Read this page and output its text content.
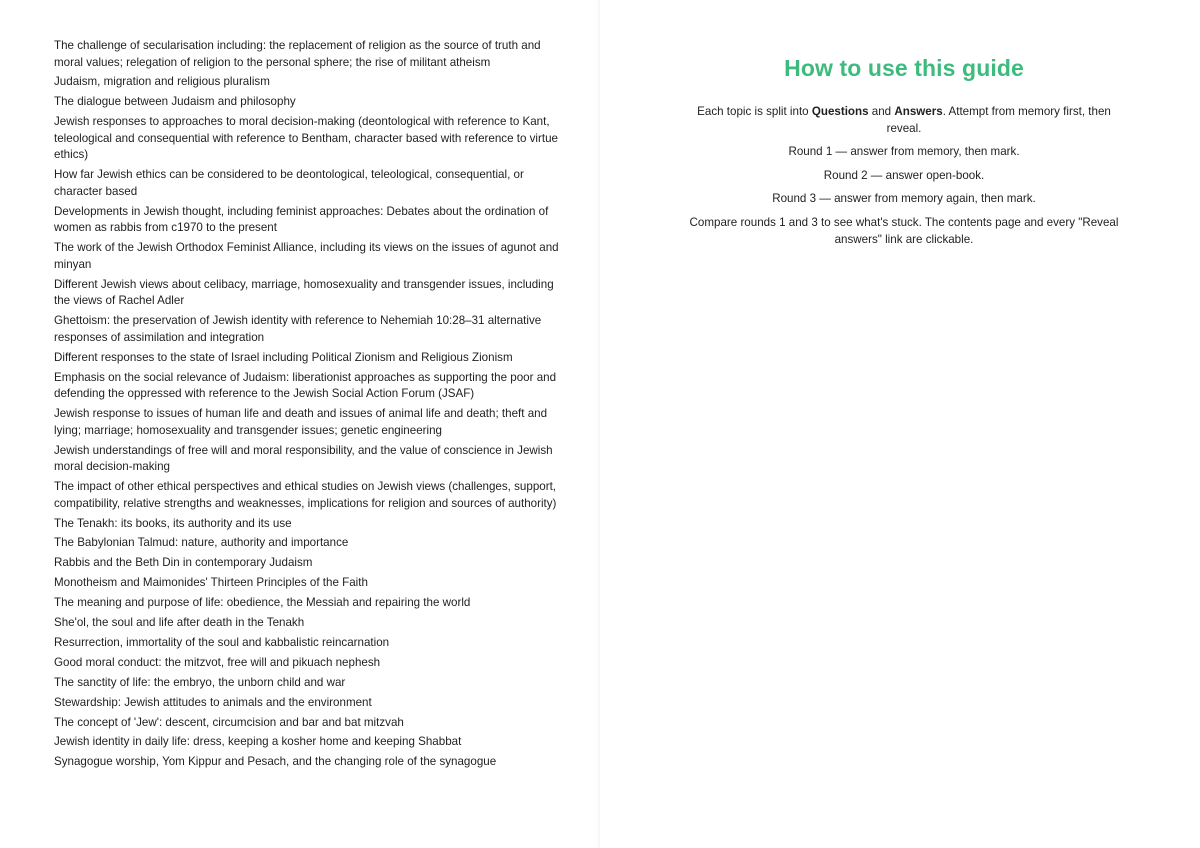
The challenge of secularisation including: the replacement of religion as the source of truth and moral values; relegation of religion to the personal sphere; the rise of militant atheism
Judaism, migration and religious pluralism
The dialogue between Judaism and philosophy
Jewish responses to approaches to moral decision-making (deontological with reference to Kant, teleological and consequential with reference to Bentham, character based with reference to virtue ethics)
How far Jewish ethics can be considered to be deontological, teleological, consequential, or character based
Developments in Jewish thought, including feminist approaches: Debates about the ordination of women as rabbis from c1970 to the present
The work of the Jewish Orthodox Feminist Alliance, including its views on the issues of agunot and minyan
Different Jewish views about celibacy, marriage, homosexuality and transgender issues, including the views of Rachel Adler
Ghettoism: the preservation of Jewish identity with reference to Nehemiah 10:28–31 alternative responses of assimilation and integration
Different responses to the state of Israel including Political Zionism and Religious Zionism
Emphasis on the social relevance of Judaism: liberationist approaches as supporting the poor and defending the oppressed with reference to the Jewish Social Action Forum (JSAF)
Jewish response to issues of human life and death and issues of animal life and death; theft and lying; marriage; homosexuality and transgender issues; genetic engineering
Jewish understandings of free will and moral responsibility, and the value of conscience in Jewish moral decision-making
The impact of other ethical perspectives and ethical studies on Jewish views (challenges, support, compatibility, relative strengths and weaknesses, implications for religion and sources of authority)
The Tenakh: its books, its authority and its use
The Babylonian Talmud: nature, authority and importance
Rabbis and the Beth Din in contemporary Judaism
Monotheism and Maimonides' Thirteen Principles of the Faith
The meaning and purpose of life: obedience, the Messiah and repairing the world
She'ol, the soul and life after death in the Tenakh
Resurrection, immortality of the soul and kabbalistic reincarnation
Good moral conduct: the mitzvot, free will and pikuach nephesh
The sanctity of life: the embryo, the unborn child and war
Stewardship: Jewish attitudes to animals and the environment
The concept of 'Jew': descent, circumcision and bar and bat mitzvah
Jewish identity in daily life: dress, keeping a kosher home and keeping Shabbat
Synagogue worship, Yom Kippur and Pesach, and the changing role of the synagogue
How to use this guide

Each topic is split into Questions and Answers. Attempt from memory first, then reveal.

Round 1 — answer from memory, then mark.

Round 2 — answer open-book.

Round 3 — answer from memory again, then mark.

Compare rounds 1 and 3 to see what's stuck. The contents page and every "Reveal answers" link are clickable.
